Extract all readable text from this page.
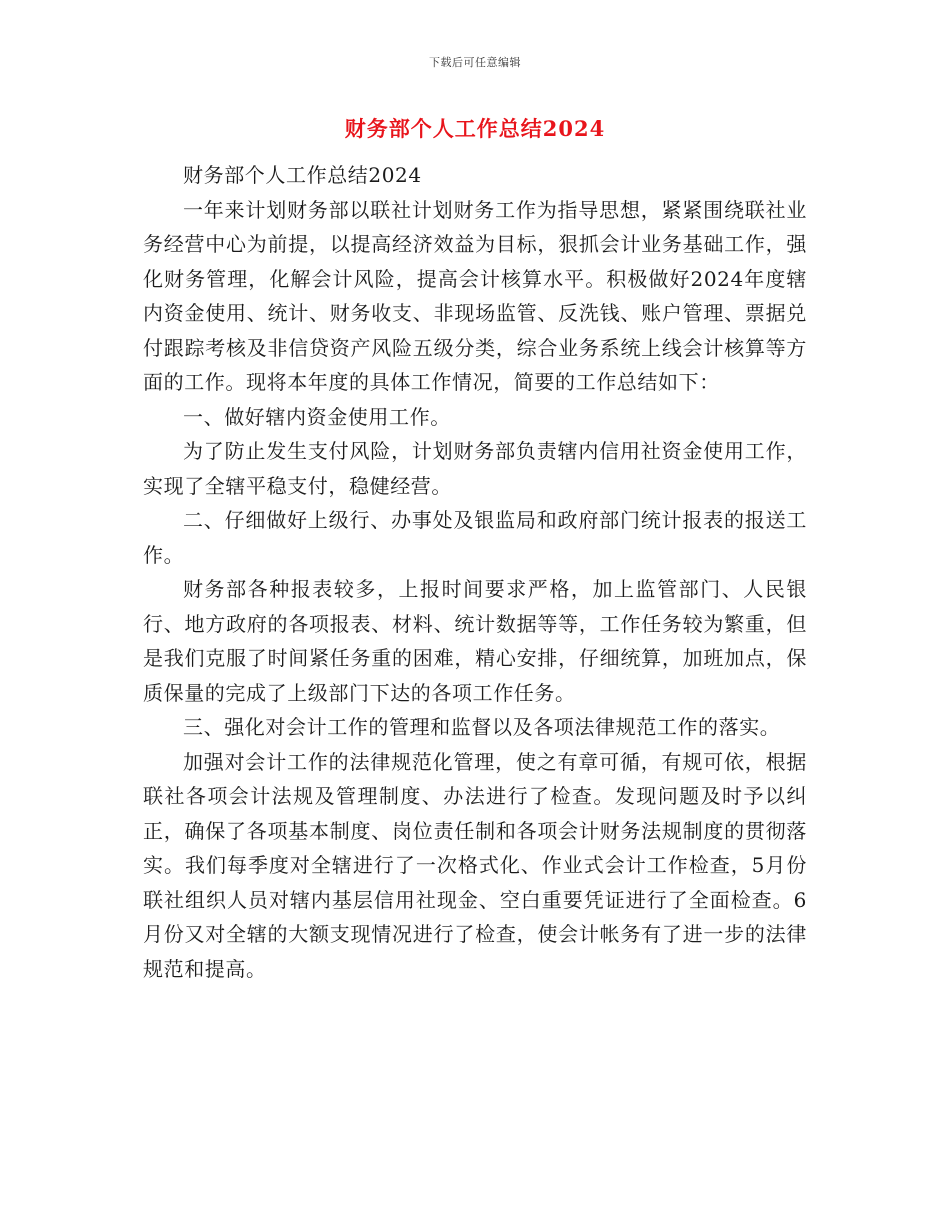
下载后可任意编辑
财务部个人工作总结2024

财务部个人工作总结2024

一年来计划财务部以联社计划财务工作为指导思想，紧紧围绕联社业务经营中心为前提，以提高经济效益为目标，狠抓会计业务基础工作，强化财务管理，化解会计风险，提高会计核算水平。积极做好2024年度辖内资金使用、统计、财务收支、非现场监管、反洗钱、账户管理、票据兑付跟踪考核及非信贷资产风险五级分类，综合业务系统上线会计核算等方面的工作。现将本年度的具体工作情况，简要的工作总结如下：

一、做好辖内资金使用工作。

为了防止发生支付风险，计划财务部负责辖内信用社资金使用工作，实现了全辖平稳支付，稳健经营。

二、仔细做好上级行、办事处及银监局和政府部门统计报表的报送工作。

财务部各种报表较多，上报时间要求严格，加上监管部门、人民银行、地方政府的各项报表、材料、统计数据等等，工作任务较为繁重，但是我们克服了时间紧任务重的困难，精心安排，仔细统算，加班加点，保质保量的完成了上级部门下达的各项工作任务。

三、强化对会计工作的管理和监督以及各项法律规范工作的落实。

加强对会计工作的法律规范化管理，使之有章可循，有规可依，根据联社各项会计法规及管理制度、办法进行了检查。发现问题及时予以纠正，确保了各项基本制度、岗位责任制和各项会计财务法规制度的贯彻落实。我们每季度对全辖进行了一次格式化、作业式会计工作检查，5月份联社组织人员对辖内基层信用社现金、空白重要凭证进行了全面检查。6月份又对全辖的大额支现情况进行了检查，使会计帐务有了进一步的法律规范和提高。
